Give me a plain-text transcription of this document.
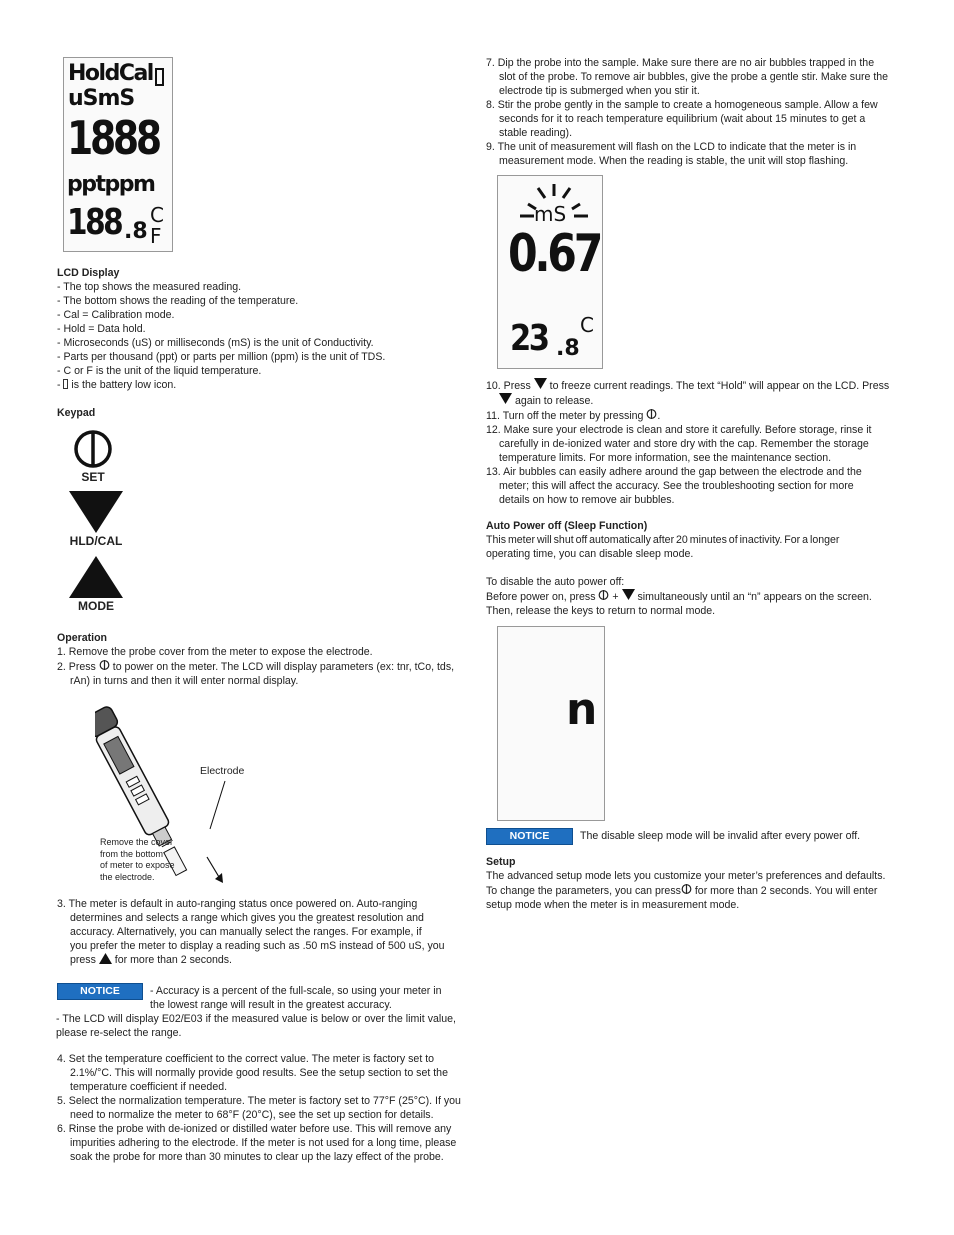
HoldCal
uSmS
1888
pptppm
188 .8
C
F
LCD Display
- The top shows the measured reading.
- The bottom shows the reading of the temperature.
- Cal = Calibration mode.
- Hold = Data hold.
- Microseconds (uS) or milliseconds (mS) is the unit of Conductivity.
- Parts per thousand (ppt) or parts per million (ppm) is the unit of TDS.
- C or F is the unit of the liquid temperature.
-  is the battery low icon.
Keypad
SET
HLD/CAL
MODE
Operation
1. Remove the probe cover from the meter to expose the electrode.
2. Press  to power on the meter. The LCD will display parameters (ex: tnr, tCo, tds,
rAn) in turns and then it will enter normal display.
Electrode
Remove the cover
from the bottom
of meter to expose
the electrode.
3. The meter is default in auto-ranging status once powered on. Auto-ranging
determines and selects a range which gives you the greatest resolution and
accuracy. Alternatively, you can manually select the ranges. For example, if
you prefer the meter to display a reading such as .50 mS instead of 500 uS, you
press  for more than 2 seconds.
NOTICE	- Accuracy is a percent of the full-scale, so using your meter in
the lowest range will result in the greatest accuracy.
- The LCD will display E02/E03 if the measured value is below or over the limit value, please re-select the range.
4. Set the temperature coefficient to the correct value. The meter is factory set to
2.1%/°C. This will normally provide good results. See the setup section to set the
temperature coefficient if needed.
5. Select the normalization temperature. The meter is factory set to 77°F (25°C). If you
need to normalize the meter to 68°F (20°C), see the set up section for details.
6. Rinse the probe with de-ionized or distilled water before use. This will remove any
impurities adhering to the electrode. If the meter is not used for a long time, please
soak the probe for more than 30 minutes to clear up the lazy effect of the probe.
7. Dip the probe into the sample. Make sure there are no air bubbles trapped in the
slot of the probe. To remove air bubbles, give the probe a gentle stir. Make sure the
electrode tip is submerged when you stir it.
8. Stir the probe gently in the sample to create a homogeneous sample. Allow a few
seconds for it to reach temperature equilibrium (wait about 15 minutes to get a
stable reading).
9. The unit of measurement will flash on the LCD to indicate that the meter is in
measurement mode. When the reading is stable, the unit will stop flashing.
mS
0.67
23 .8
C
10. Press  to freeze current readings. The text “Hold” will appear on the LCD. Press
again to release.
11. Turn off the meter by pressing .
12. Make sure your electrode is clean and store it carefully. Before storage, rinse it
carefully in de-ionized water and store dry with the cap. Remember the storage
temperature limits. For more information, see the maintenance section.
13. Air bubbles can easily adhere around the gap between the electrode and the
meter; this will affect the accuracy. See the troubleshooting section for more
details on how to remove air bubbles.
Auto Power off (Sleep Function)
This meter will shut off automatically after 20 minutes of inactivity. For a longer
operating time, you can disable sleep mode.

To disable the auto power off:
Before power on, press  +  simultaneously until an “n” appears on the screen.
Then, release the keys to return to normal mode.
n
NOTICE	The disable sleep mode will be invalid after every power off.
Setup
The advanced setup mode lets you customize your meter’s preferences and defaults.
To change the parameters, you can press for more than 2 seconds. You will enter
setup mode when the meter is in measurement mode.
